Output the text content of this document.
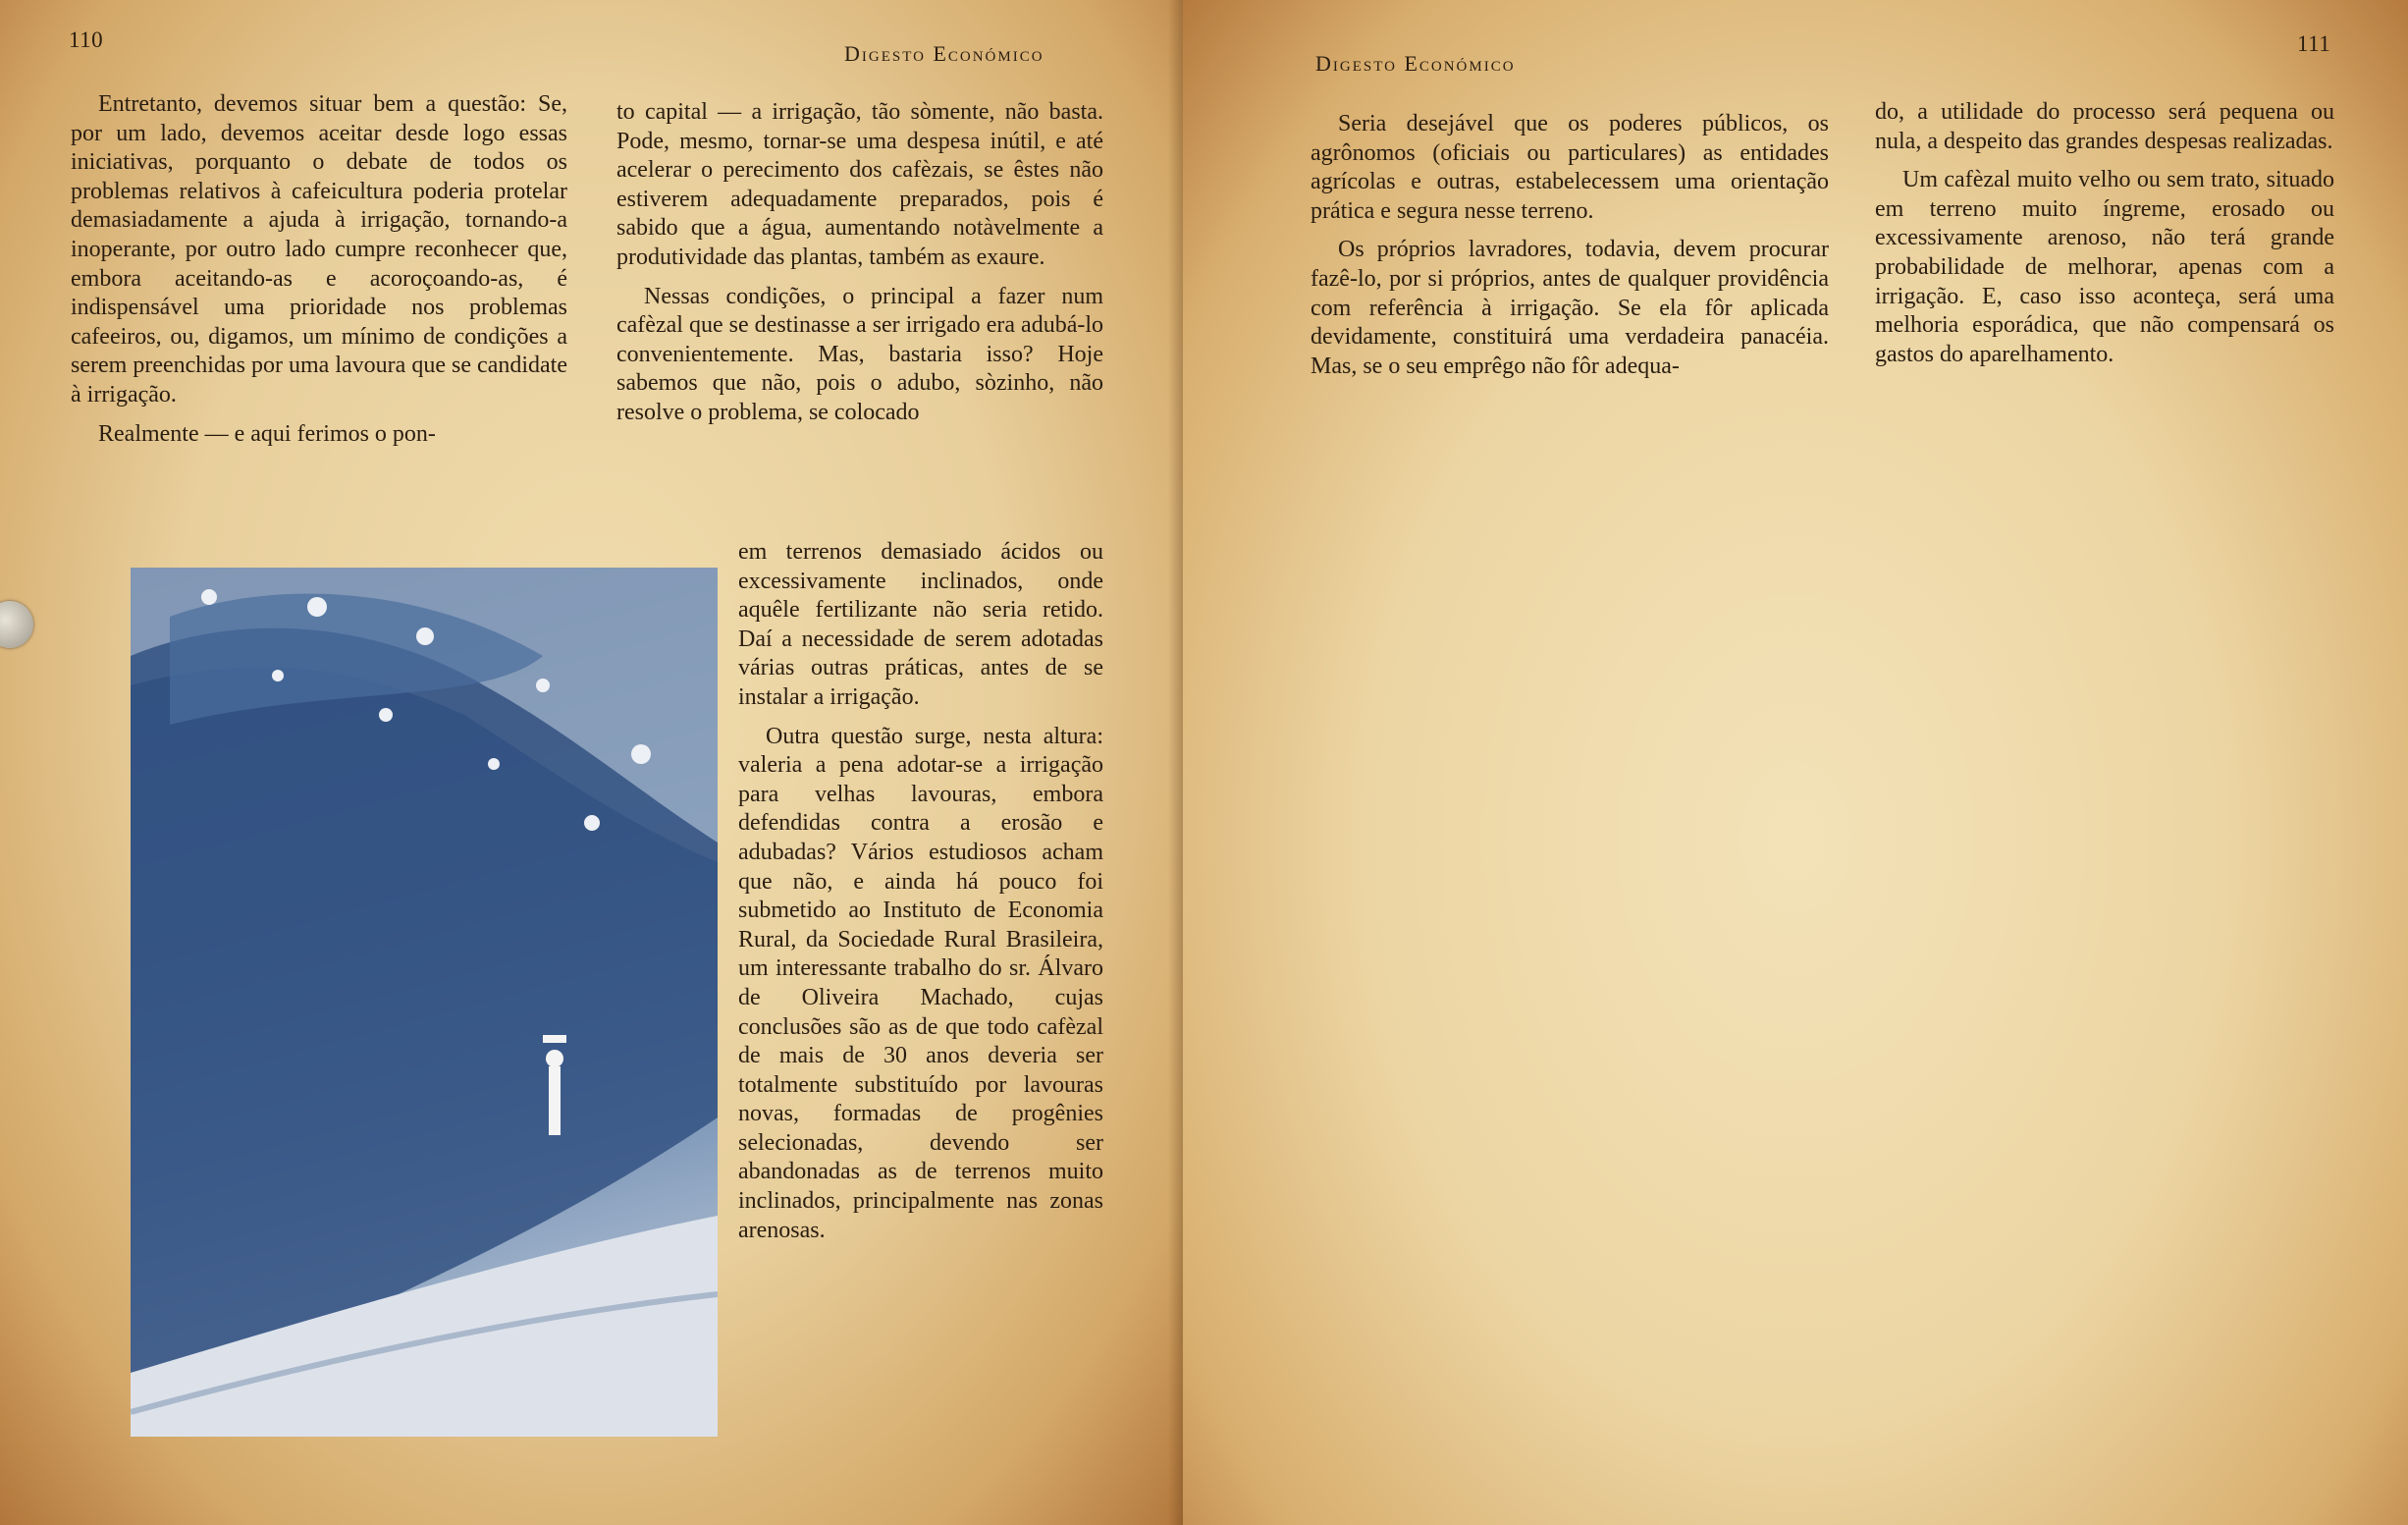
110
Digesto Económico

Entretanto, devemos situar bem a questão: Se, por um lado, devemos aceitar desde logo essas iniciativas, porquanto o debate de todos os problemas relativos à cafeicultura poderia protelar demasiadamente a ajuda à irrigação, tornando-a inoperante, por outro lado cumpre reconhecer que, embora aceitando-as e acoroçoando-as, é indispensável uma prioridade nos problemas cafeeiros, ou, digamos, um mínimo de condições a serem preenchidas por uma lavoura que se candidate à irrigação.

Realmente — e aqui ferimos o pon-

to capital — a irrigação, tão sòmente, não basta. Pode, mesmo, tornar-se uma despesa inútil, e até acelerar o perecimento dos cafèzais, se êstes não estiverem adequadamente preparados, pois é sabido que a água, aumentando notàvelmente a produtividade das plantas, também as exaure.

Nessas condições, o principal a fazer num cafèzal que se destinasse a ser irrigado era adubá-lo convenientemente. Mas, bastaria isso? Hoje sabemos que não, pois o adubo, sòzinho, não resolve o problema, se colocado

em terrenos demasiado ácidos ou excessivamente inclinados, onde aquêle fertilizante não seria retido. Daí a necessidade de serem adotadas várias outras práticas, antes de se instalar a irrigação.

Outra questão surge, nesta altura: valeria a pena adotar-se a irrigação para velhas lavouras, embora defendidas contra a erosão e adubadas? Vários estudiosos acham que não, e ainda há pouco foi submetido ao Instituto de Economia Rural, da Sociedade Rural Brasileira, um interessante trabalho do sr. Álvaro de Oliveira Machado, cujas conclusões são as de que todo cafèzal de mais de 30 anos deveria ser totalmente substituído por lavouras novas, formadas de progênies selecionadas, devendo ser abandonadas as de terrenos muito inclinados, principalmente nas zonas arenosas.

Digesto Económico
111

Seria desejável que os poderes públicos, os agrônomos (oficiais ou particulares) as entidades agrícolas e outras, estabelecessem uma orientação prática e segura nesse terreno.

Os próprios lavradores, todavia, devem procurar fazê-lo, por si próprios, antes de qualquer providência com referência à irrigação. Se ela fôr aplicada devidamente, constituirá uma verdadeira panacéia. Mas, se o seu emprêgo não fôr adequa-

do, a utilidade do processo será pequena ou nula, a despeito das grandes despesas realizadas.

Um cafèzal muito velho ou sem trato, situado em terreno muito íngreme, erosado ou excessivamente arenoso, não terá grande probabilidade de melhorar, apenas com a irrigação. E, caso isso aconteça, será uma melhoria esporádica, que não compensará os gastos do aparelhamento.
